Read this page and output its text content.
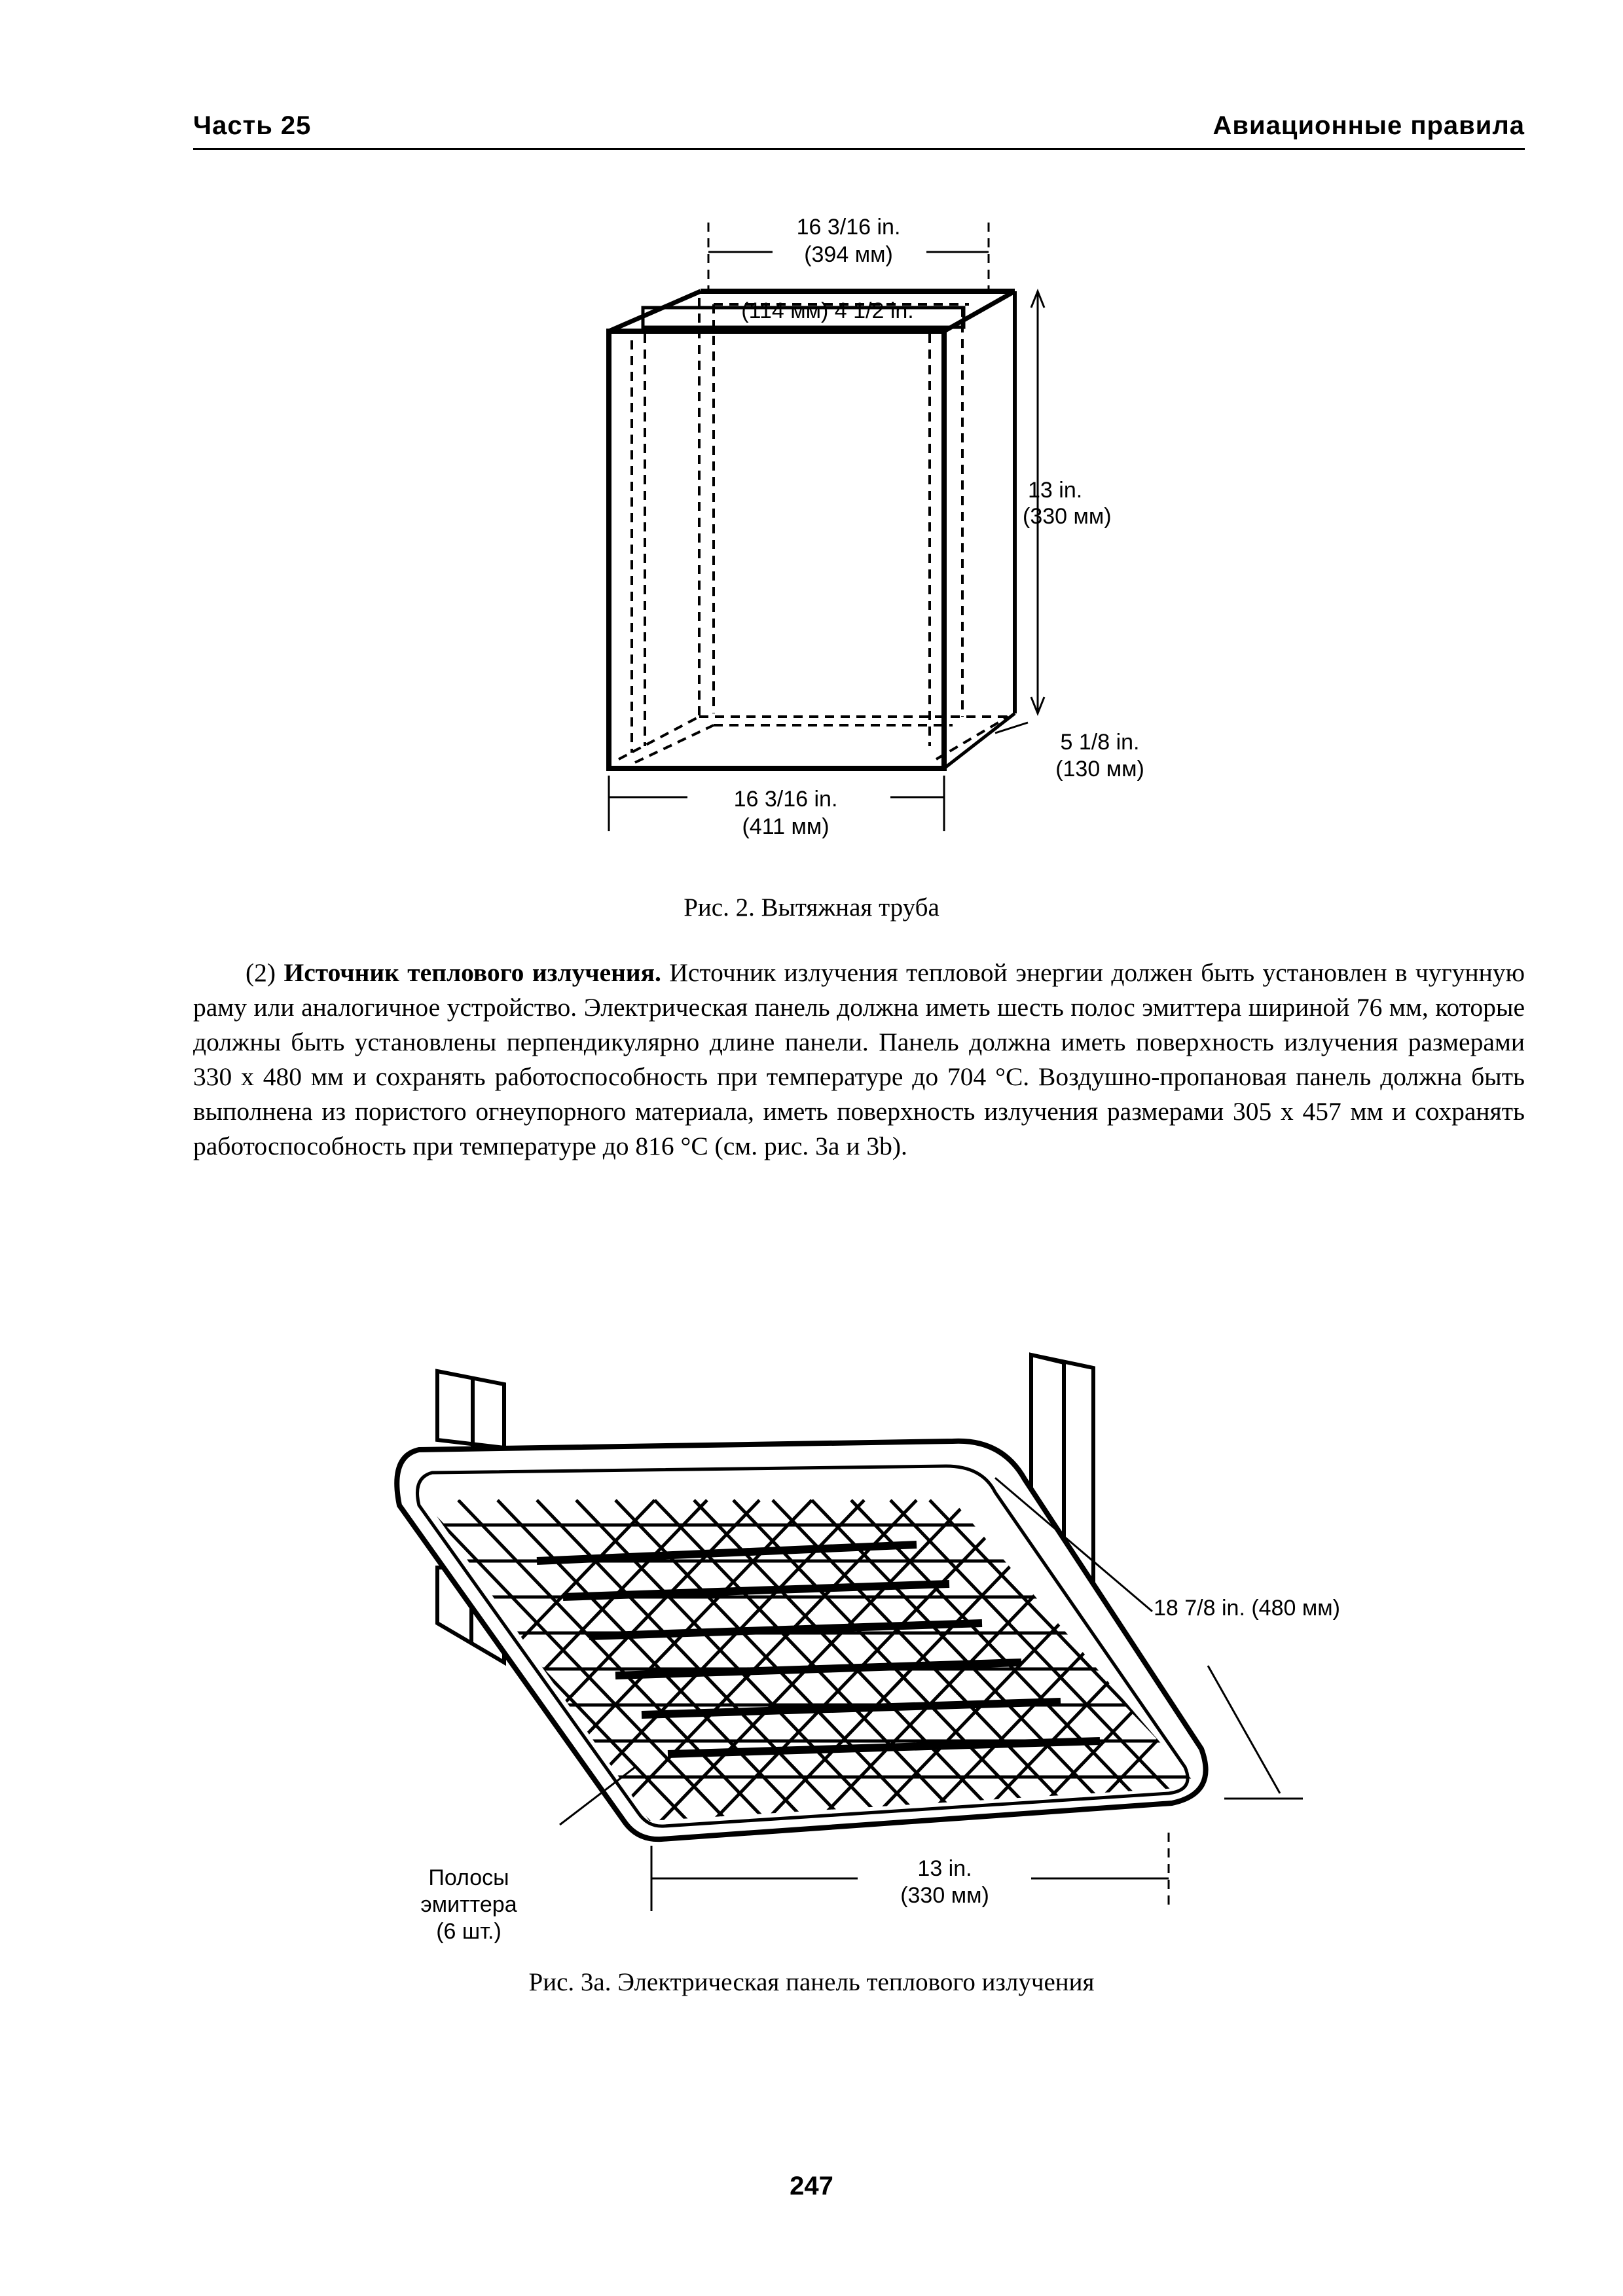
Часть 25	Авиационные правила
16 3/16 in.
(394 мм)
(114 мм) 4 1/2 in.
13 in.
(330 мм)
5 1/8 in.
(130 мм)
16 3/16 in.
(411 мм)
Рис. 2. Вытяжная труба
(2) Источник теплового излучения. Источник излучения тепловой энергии должен быть установлен в чугунную раму или аналогичное устройство. Электрическая панель должна иметь шесть полос эмиттера шириной 76 мм, которые должны быть установлены перпендикулярно длине панели. Панель должна иметь поверхность излучения размерами 330 х 480 мм и сохранять работоспособность при температуре до 704 °С. Воздушно-пропановая панель должна быть выполнена из пористого огнеупорного материала, иметь поверхность излучения размерами 305 х 457 мм и сохранять работоспособность при температуре до 816 °С (см. рис. 3a и 3b).
18 7/8 in. (480 мм)
13 in.
(330 мм)
Полосы
эмиттера
(6 шт.)
Рис. 3а. Электрическая панель теплового излучения
247
